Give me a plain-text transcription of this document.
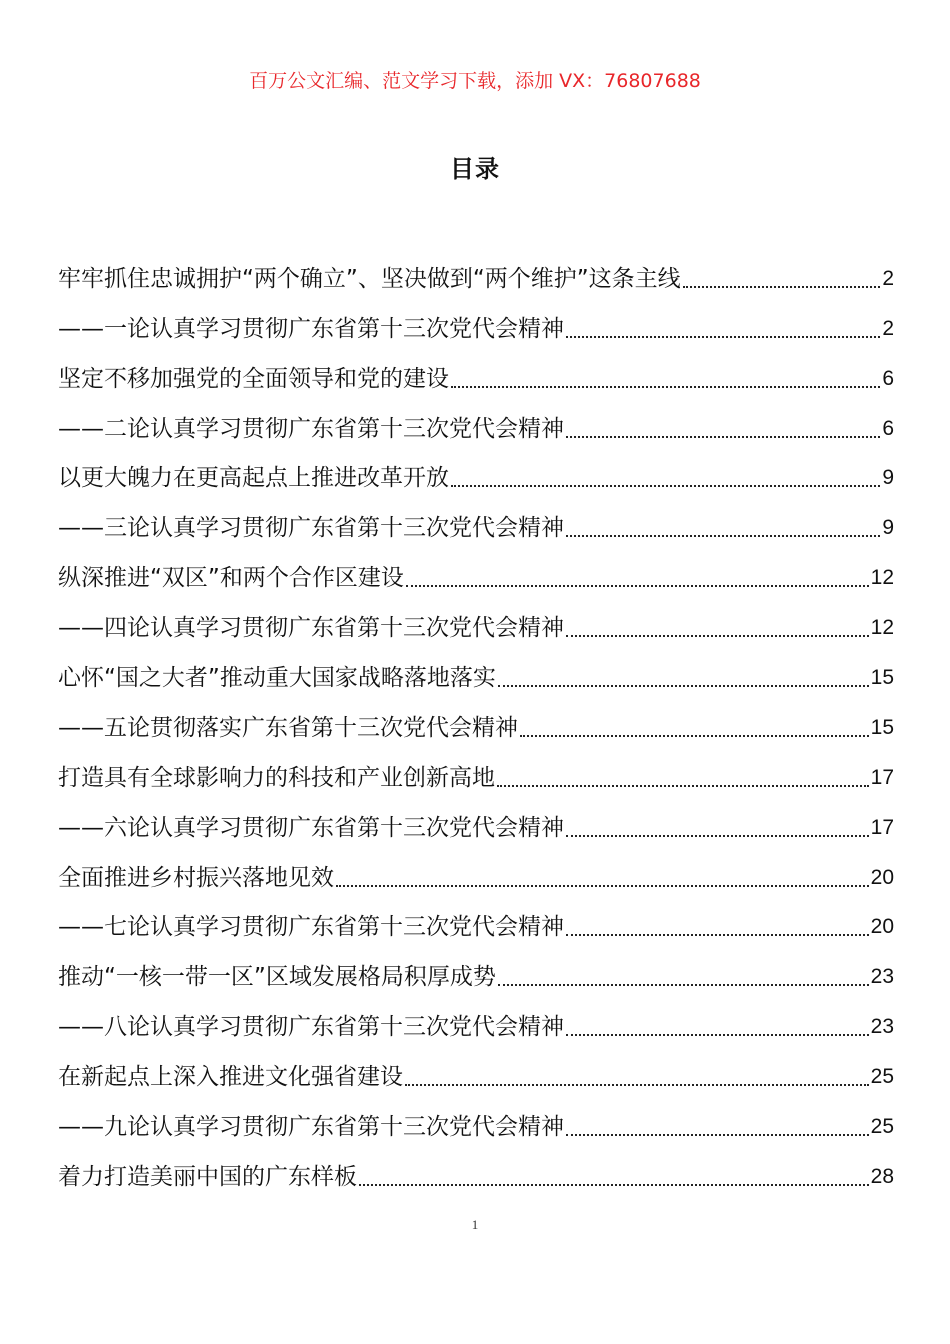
百万公文汇编、范文学习下载，添加 VX：76807688
目录
牢牢抓住忠诚拥护“两个确立”、坚决做到“两个维护”这条主线	2
——一论认真学习贯彻广东省第十三次党代会精神	2
坚定不移加强党的全面领导和党的建设	6
——二论认真学习贯彻广东省第十三次党代会精神	6
以更大魄力在更高起点上推进改革开放	9
——三论认真学习贯彻广东省第十三次党代会精神	9
纵深推进“双区”和两个合作区建设	12
——四论认真学习贯彻广东省第十三次党代会精神	12
心怀“国之大者”推动重大国家战略落地落实	15
——五论贯彻落实广东省第十三次党代会精神	15
打造具有全球影响力的科技和产业创新高地	17
——六论认真学习贯彻广东省第十三次党代会精神	17
全面推进乡村振兴落地见效	20
——七论认真学习贯彻广东省第十三次党代会精神	20
推动“一核一带一区”区域发展格局积厚成势	23
——八论认真学习贯彻广东省第十三次党代会精神	23
在新起点上深入推进文化强省建设	25
——九论认真学习贯彻广东省第十三次党代会精神	25
着力打造美丽中国的广东样板	28
1
